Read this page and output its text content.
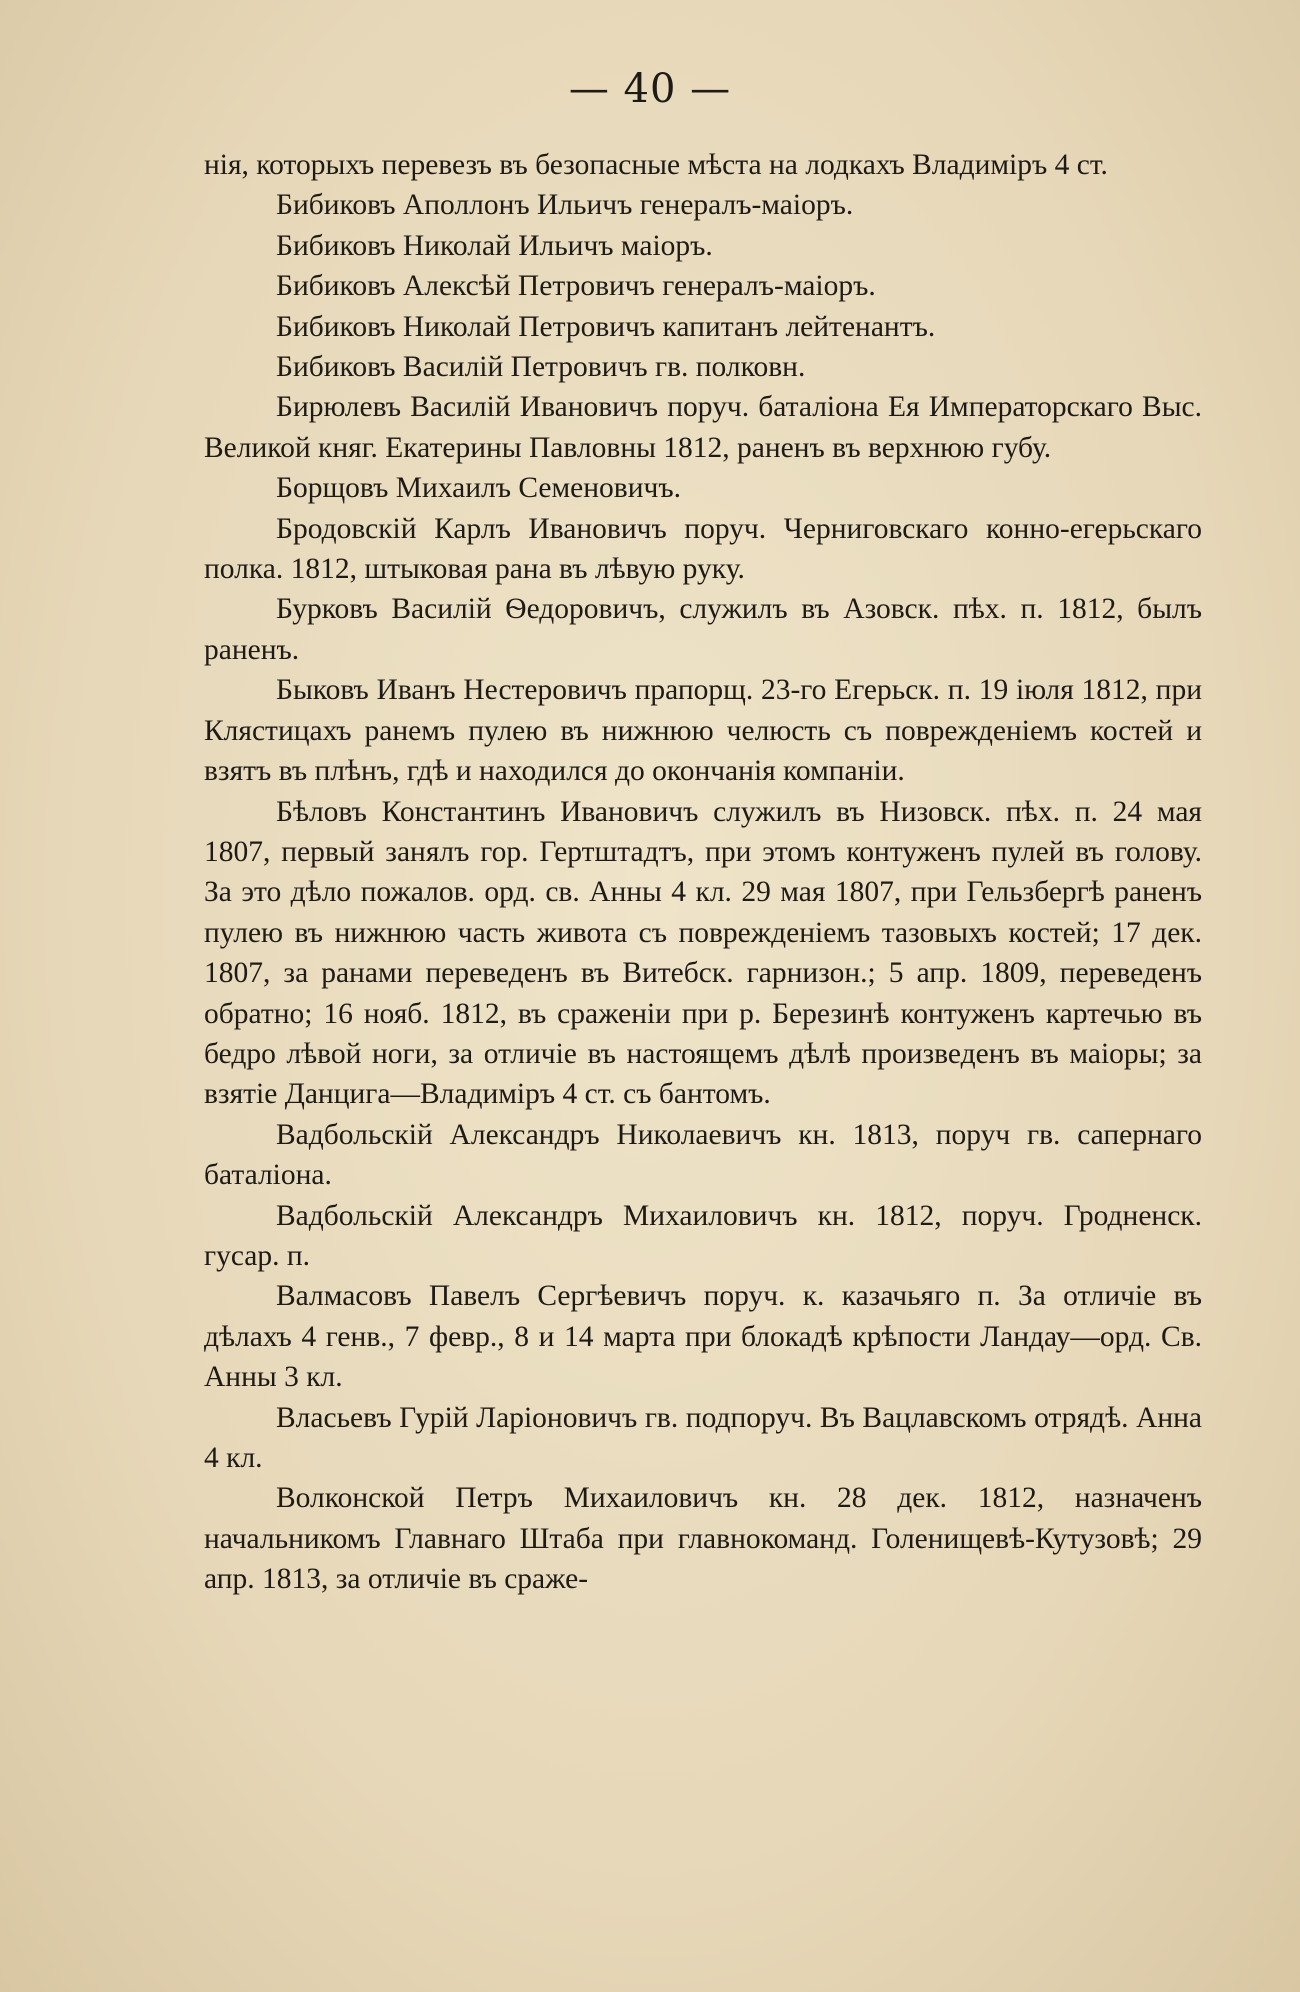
— 40 —

нія, которыхъ перевезъ въ безопасные мѣста на лодкахъ Владиміръ 4 ст.

Бибиковъ Аполлонъ Ильичъ генералъ-маіоръ.

Бибиковъ Николай Ильичъ маіоръ.

Бибиковъ Алексѣй Петровичъ генералъ-маіоръ.

Бибиковъ Николай Петровичъ капитанъ лейтенантъ.

Бибиковъ Василій Петровичъ гв. полковн.

Бирюлевъ Василій Ивановичъ поруч. баталіона Ея Императорскаго Выс. Великой княг. Екатерины Павловны 1812, раненъ въ верхнюю губу.

Борщовъ Михаилъ Семеновичъ.

Бродовскій Карлъ Ивановичъ поруч. Черниговскаго конно-егерьскаго полка. 1812, штыковая рана въ лѣвую руку.

Бурковъ Василій Ѳедоровичъ, служилъ въ Азовск. пѣх. п. 1812, былъ раненъ.

Быковъ Иванъ Нестеровичъ прапорщ. 23-го Егерьск. п. 19 іюля 1812, при Клястицахъ ранемъ пулею въ нижнюю челюсть съ поврежденіемъ костей и взятъ въ плѣнъ, гдѣ и находился до окончанія компаніи.

Бѣловъ Константинъ Ивановичъ служилъ въ Низовск. пѣх. п. 24 мая 1807, первый занялъ гор. Гертштадтъ, при этомъ контуженъ пулей въ голову. За это дѣло пожалов. орд. св. Анны 4 кл. 29 мая 1807, при Гельзбергѣ раненъ пулею въ нижнюю часть живота съ поврежденіемъ тазовыхъ костей; 17 дек. 1807, за ранами переведенъ въ Витебск. гарнизон.; 5 апр. 1809, переведенъ обратно; 16 нояб. 1812, въ сраженіи при р. Березинѣ контуженъ картечью въ бедро лѣвой ноги, за отличіе въ настоящемъ дѣлѣ произведенъ въ маіоры; за взятіе Данцига—Владиміръ 4 ст. съ бантомъ.

Вадбольскій Александръ Николаевичъ кн. 1813, поруч гв. сапернаго баталіона.

Вадбольскій Александръ Михаиловичъ кн. 1812, поруч. Гродненск. гусар. п.

Валмасовъ Павелъ Сергѣевичъ поруч. к. казачьяго п. За отличіе въ дѣлахъ 4 генв., 7 февр., 8 и 14 марта при блокадѣ крѣпости Ландау—орд. Св. Анны 3 кл.

Власьевъ Гурій Ларіоновичъ гв. подпоруч. Въ Вацлавскомъ отрядѣ. Анна 4 кл.

Волконской Петръ Михаиловичъ кн. 28 дек. 1812, назначенъ начальникомъ Главнаго Штаба при главнокоманд. Голенищевѣ-Кутузовѣ; 29 апр. 1813, за отличіе въ сраже-
